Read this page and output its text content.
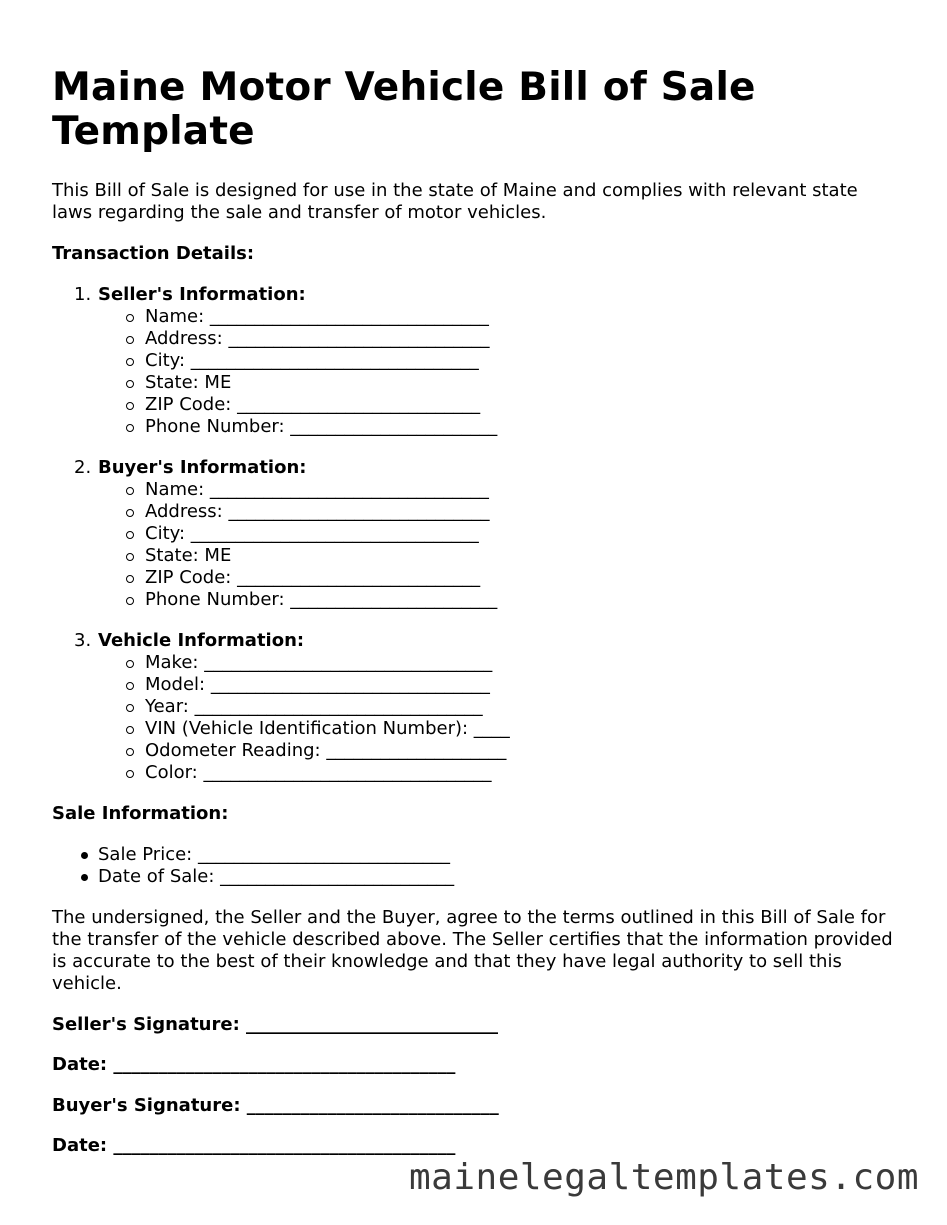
Maine Motor Vehicle Bill of Sale Template

This Bill of Sale is designed for use in the state of Maine and complies with relevant state laws regarding the sale and transfer of motor vehicles.

Transaction Details:

1. Seller's Information:

Name: _______________________________
Address: _____________________________
City: ________________________________
State: ME
ZIP Code: ___________________________
Phone Number: _______________________

2. Buyer's Information:

Name: _______________________________
Address: _____________________________
City: ________________________________
State: ME
ZIP Code: ___________________________
Phone Number: _______________________

3. Vehicle Information:

Make: ________________________________
Model: _______________________________
Year: ________________________________
VIN (Vehicle Identification Number): ____
Odometer Reading: ____________________
Color: ________________________________

Sale Information:

Sale Price: ____________________________
Date of Sale: __________________________

The undersigned, the Seller and the Buyer, agree to the terms outlined in this Bill of Sale for the transfer of the vehicle described above. The Seller certifies that the information provided is accurate to the best of their knowledge and that they have legal authority to sell this vehicle.

Seller's Signature: ____________________________

Date: ______________________________________

Buyer's Signature: ____________________________

Date: ______________________________________

mainelegaltemplates.com
